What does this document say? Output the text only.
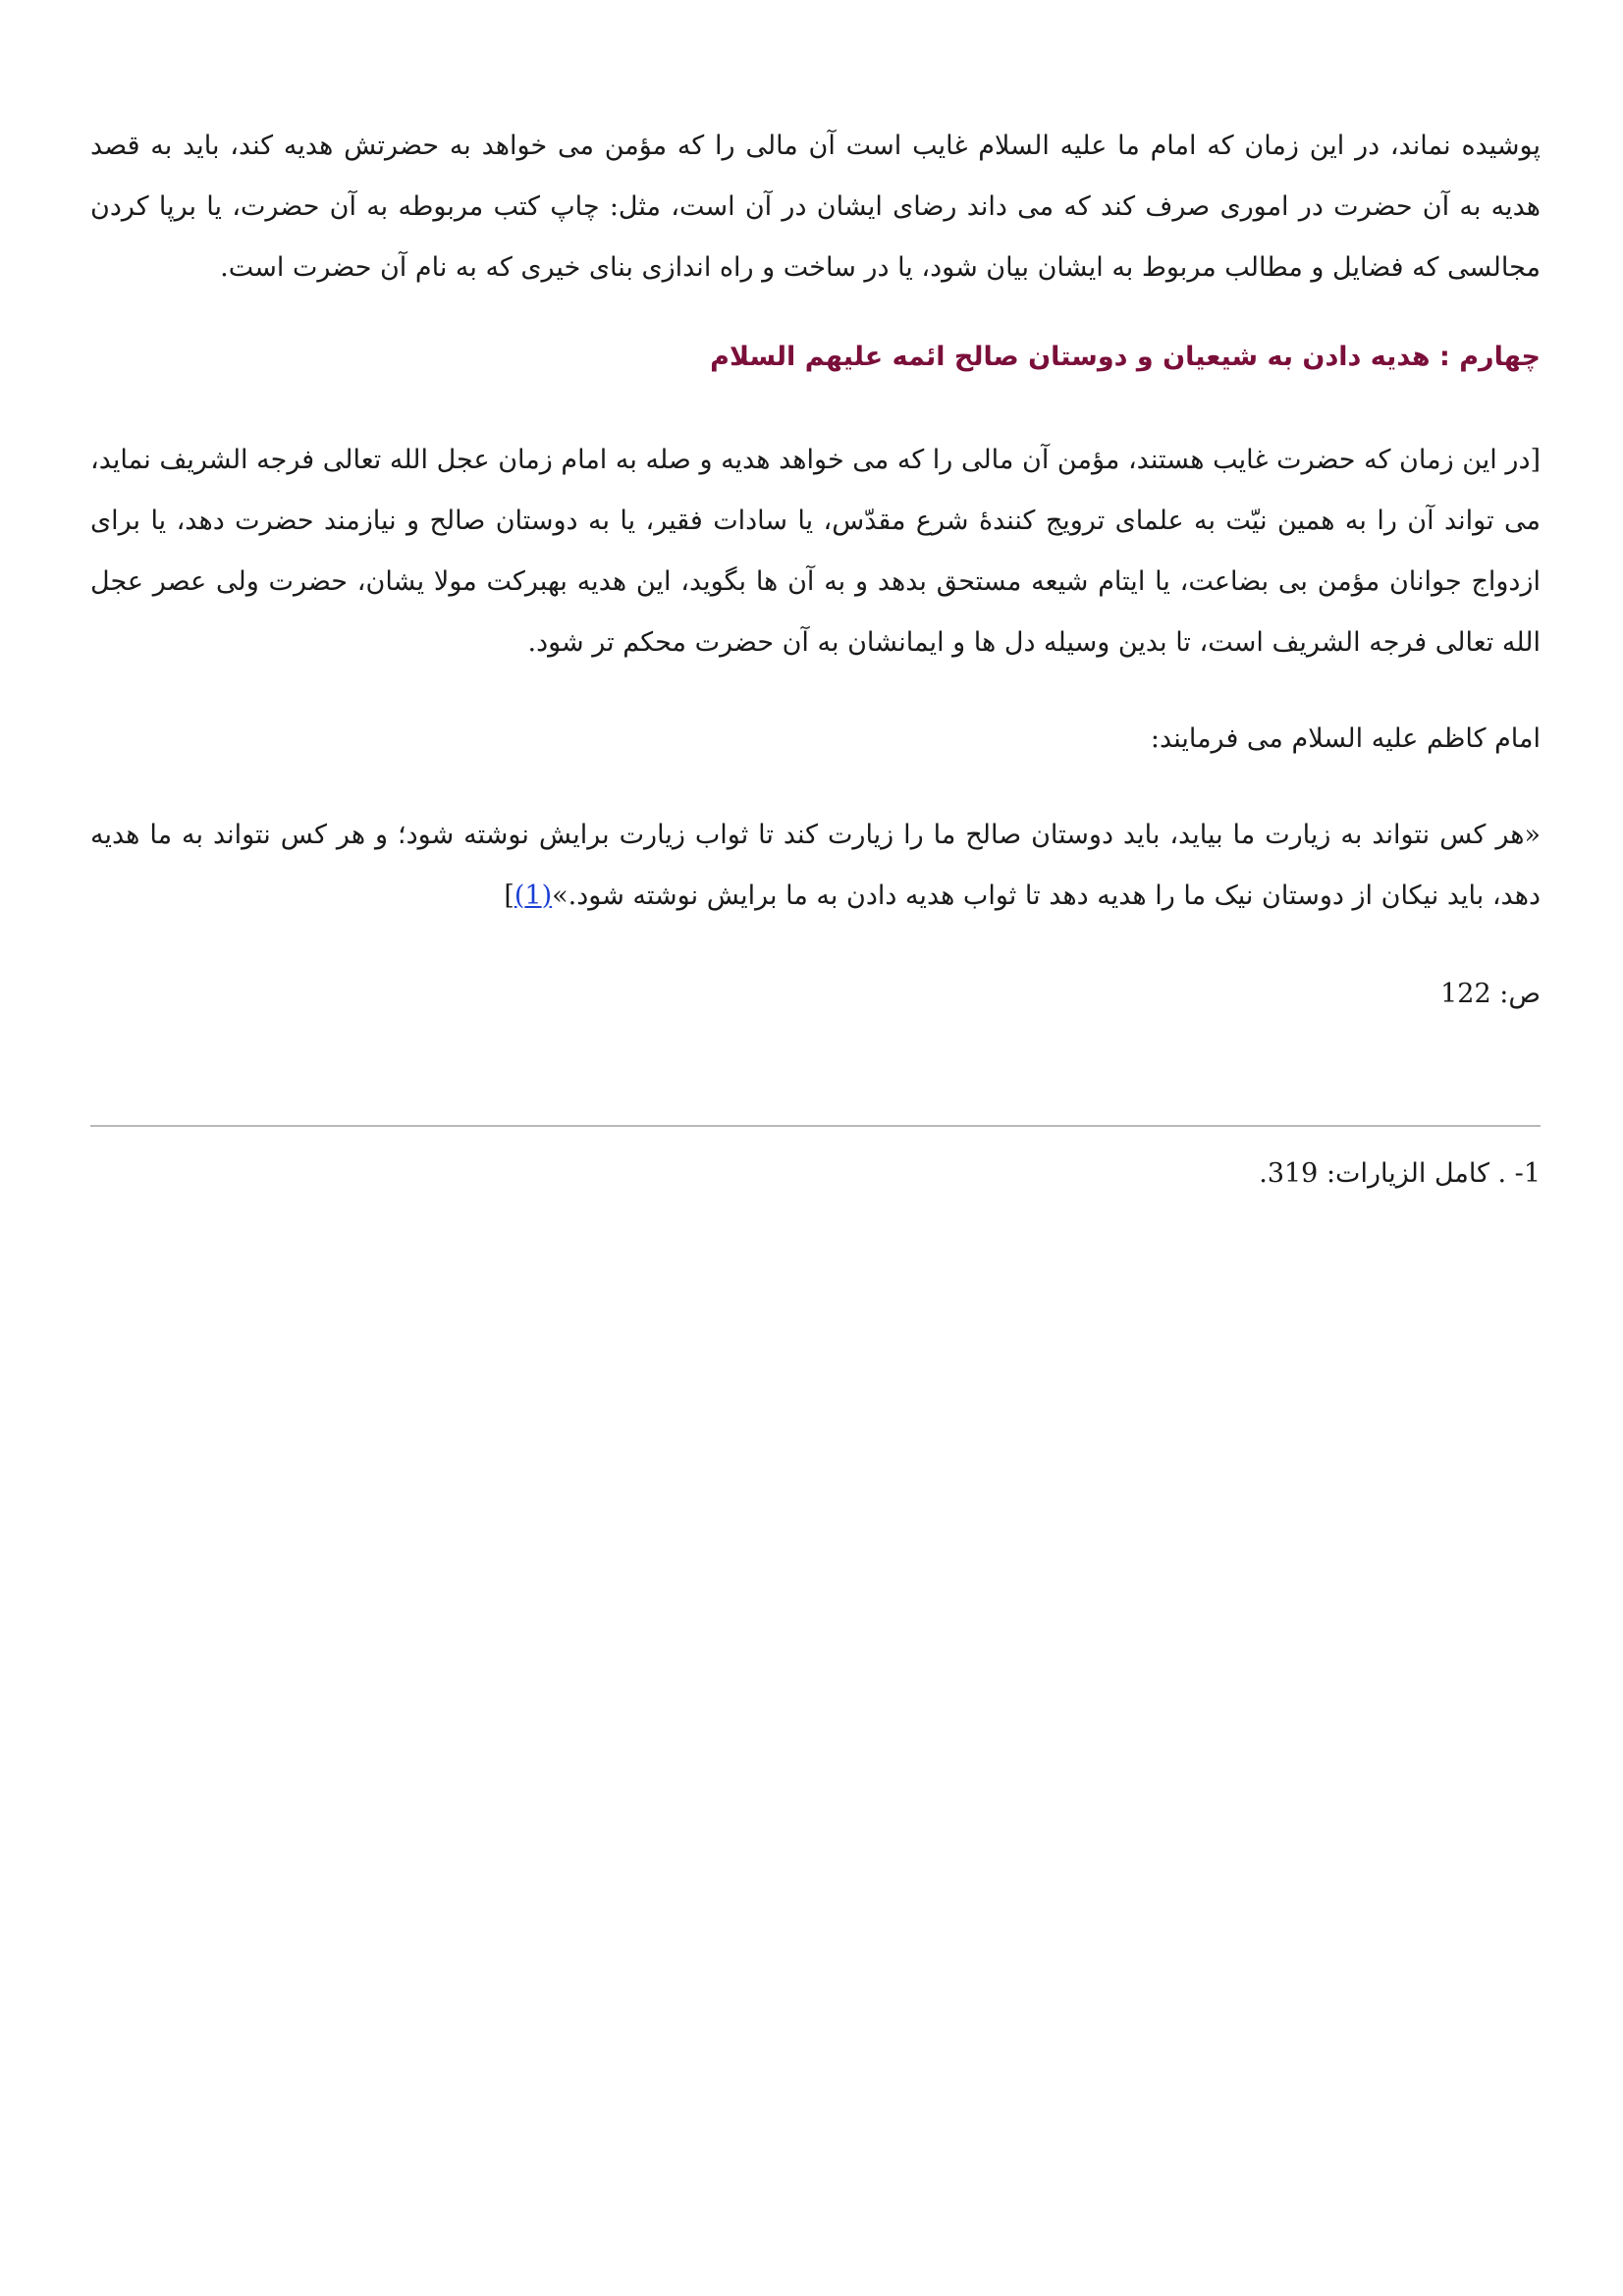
پوشیده نماند، در این زمان که امام ما علیه السلام غایب است آن مالی را که مؤمن می خواهد به حضرتش هدیه کند، باید به قصد هدیه به آن حضرت در اموری صرف کند که می داند رضای ایشان در آن است، مثل: چاپ کتب مربوطه به آن حضرت، یا برپا کردن مجالسی که فضایل و مطالب مربوط به ایشان بیان شود، یا در ساخت و راه اندازی بنای خیری که به نام آن حضرت است.

چهارم : هدیه دادن به شیعیان و دوستان صالح ائمه علیهم السلام

[در این زمان که حضرت غایب هستند، مؤمن آن مالی را که می خواهد هدیه و صله به امام زمان عجل الله تعالی فرجه الشریف نماید، می تواند آن را به همین نیّت به علمای ترویج کنندهٔ شرع مقدّس، یا سادات فقیر، یا به دوستان صالح و نیازمند حضرت دهد، یا برای ازدواج جوانان مؤمن بی بضاعت، یا ایتام شیعه مستحق بدهد و به آن ها بگوید، این هدیه بهبرکت مولا یشان، حضرت ولی عصر عجل الله تعالی فرجه الشریف است، تا بدین وسیله دل ها و ایمانشان به آن حضرت محکم تر شود.

امام کاظم علیه السلام می فرمایند:

«هر کس نتواند به زیارت ما بیاید، باید دوستان صالح ما را زیارت کند تا ثواب زیارت برایش نوشته شود؛ و هر کس نتواند به ما هدیه دهد، باید نیکان از دوستان نیک ما را هدیه دهد تا ثواب هدیه دادن به ما برایش نوشته شود.»(1)]

ص: 122

1- . کامل الزیارات: 319.
